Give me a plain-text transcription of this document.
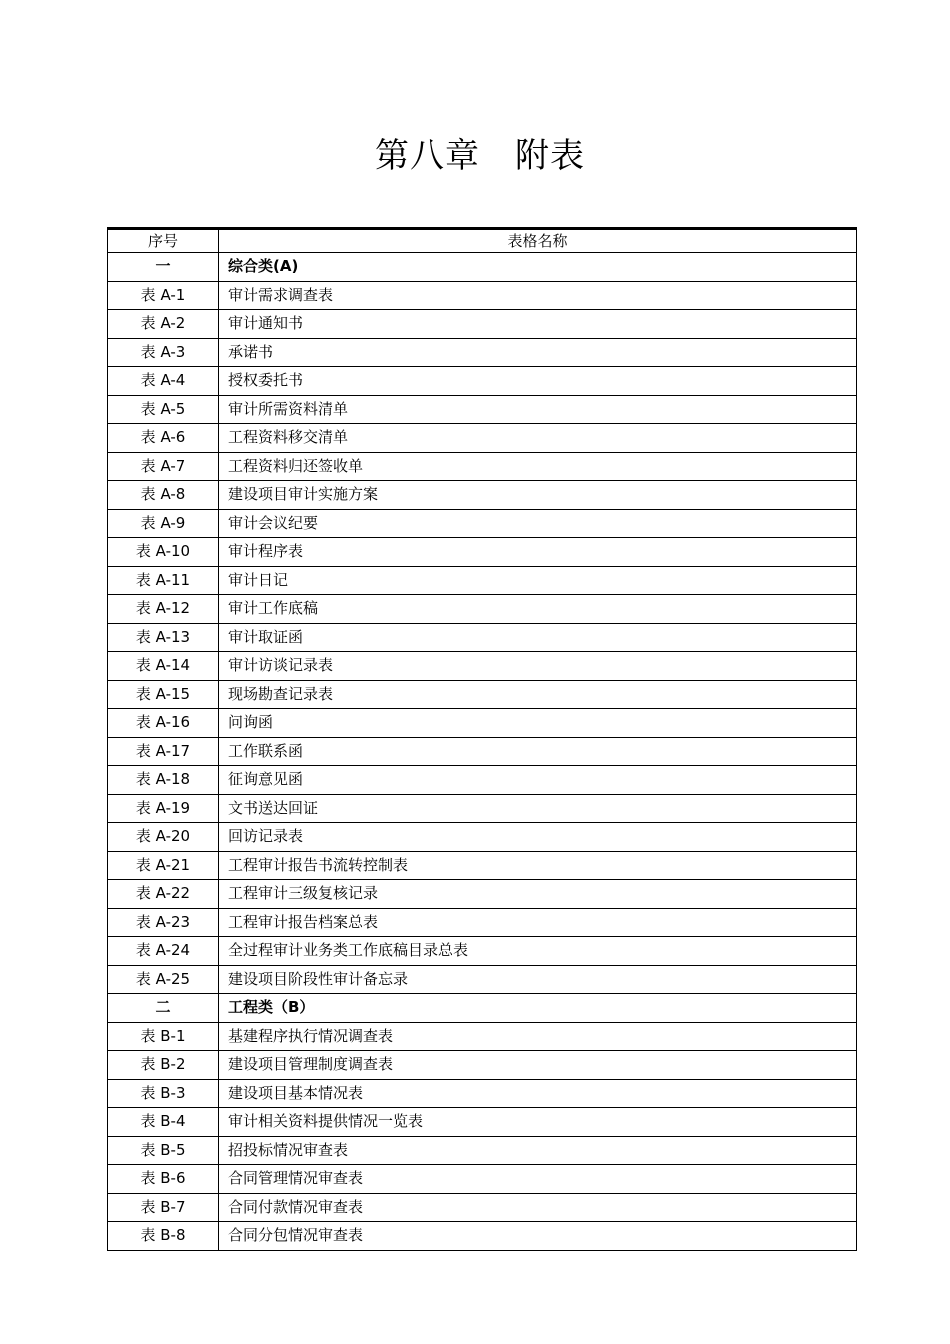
第八章　附表
序号	表格名称
一	综合类(A)
表 A-1	审计需求调查表
表 A-2	审计通知书
表 A-3	承诺书
表 A-4	授权委托书
表 A-5	审计所需资料清单
表 A-6	工程资料移交清单
表 A-7	工程资料归还签收单
表 A-8	建设项目审计实施方案
表 A-9	审计会议纪要
表 A-10	审计程序表
表 A-11	审计日记
表 A-12	审计工作底稿
表 A-13	审计取证函
表 A-14	审计访谈记录表
表 A-15	现场勘查记录表
表 A-16	问询函
表 A-17	工作联系函
表 A-18	征询意见函
表 A-19	文书送达回证
表 A-20	回访记录表
表 A-21	工程审计报告书流转控制表
表 A-22	工程审计三级复核记录
表 A-23	工程审计报告档案总表
表 A-24	全过程审计业务类工作底稿目录总表
表 A-25	建设项目阶段性审计备忘录
二	工程类（B）
表 B-1	基建程序执行情况调查表
表 B-2	建设项目管理制度调查表
表 B-3	建设项目基本情况表
表 B-4	审计相关资料提供情况一览表
表 B-5	招投标情况审查表
表 B-6	合同管理情况审查表
表 B-7	合同付款情况审查表
表 B-8	合同分包情况审查表
